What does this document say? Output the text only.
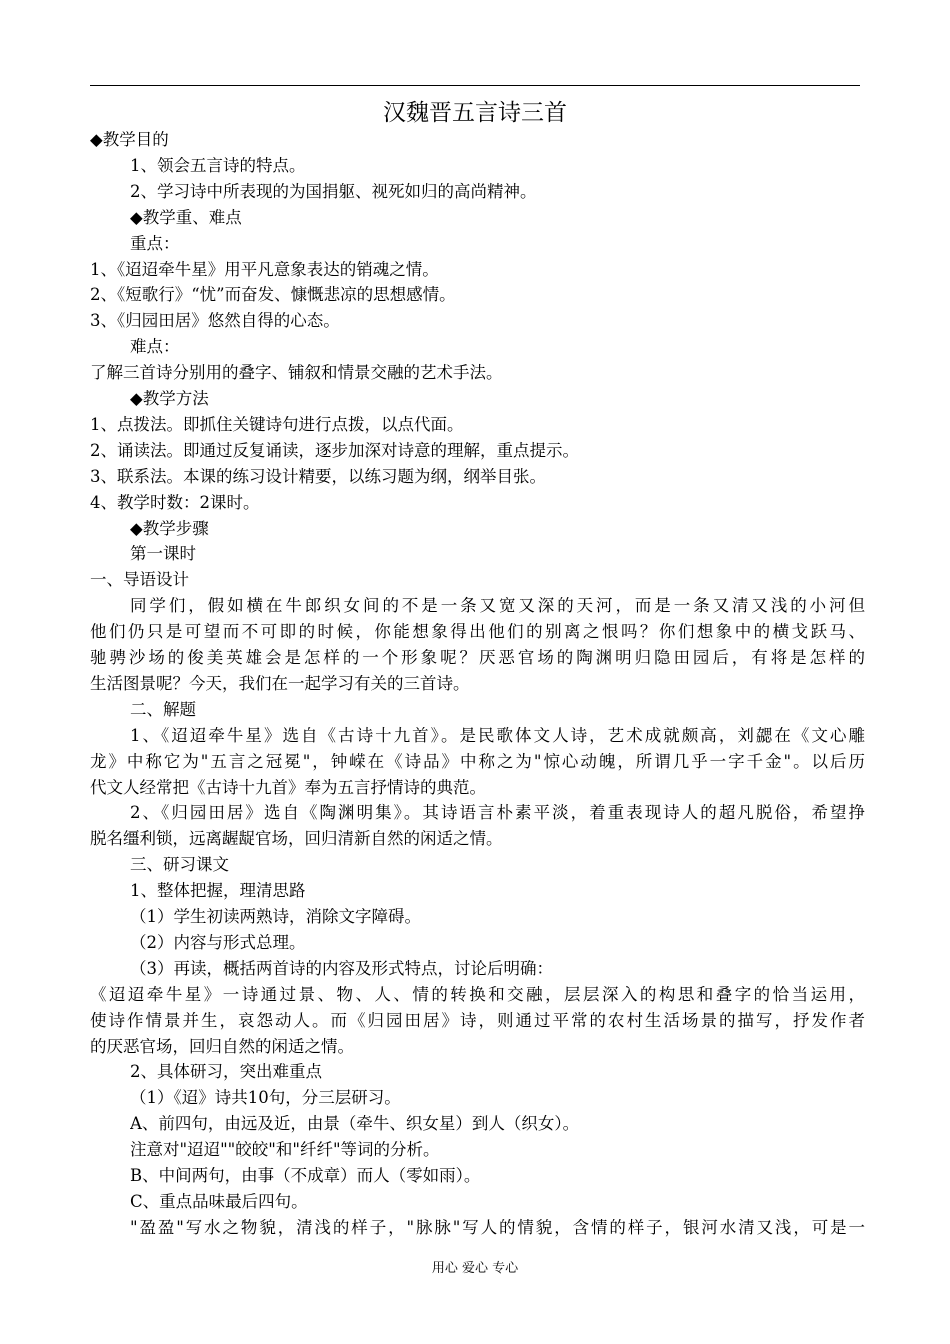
汉魏晋五言诗三首
◆教学目的
1、领会五言诗的特点。
2、学习诗中所表现的为国捐躯、视死如归的高尚精神。
◆教学重、难点
重点：
1、《迢迢牵牛星》用平凡意象表达的销魂之情。
2、《短歌行》“忧”而奋发、慷慨悲凉的思想感情。
3、《归园田居》悠然自得的心态。
难点：
了解三首诗分别用的叠字、铺叙和情景交融的艺术手法。
◆教学方法
1、点拨法。即抓住关键诗句进行点拨，以点代面。
2、诵读法。即通过反复诵读，逐步加深对诗意的理解，重点提示。
3、联系法。本课的练习设计精要，以练习题为纲，纲举目张。
4、教学时数：2课时。
◆教学步骤
第一课时
一、导语设计
同学们，假如横在牛郎织女间的不是一条又宽又深的天河，而是一条又清又浅的小河但
他们仍只是可望而不可即的时候，你能想象得出他们的别离之恨吗？你们想象中的横戈跃马、
驰骋沙场的俊美英雄会是怎样的一个形象呢？厌恶官场的陶渊明归隐田园后，有将是怎样的
生活图景呢？今天，我们在一起学习有关的三首诗。
二、解题
1、《迢迢牵牛星》选自《古诗十九首》。是民歌体文人诗，艺术成就颇高，刘勰在《文心雕
龙》中称它为"五言之冠冕"，钟嵘在《诗品》中称之为"惊心动魄，所谓几乎一字千金"。以后历
代文人经常把《古诗十九首》奉为五言抒情诗的典范。
2、《归园田居》选自《陶渊明集》。其诗语言朴素平淡，着重表现诗人的超凡脱俗，希望挣
脱名缰利锁，远离龌龊官场，回归清新自然的闲适之情。
三、研习课文
1、整体把握，理清思路
（1）学生初读两熟诗，消除文字障碍。
（2）内容与形式总理。
（3）再读，概括两首诗的内容及形式特点，讨论后明确：
《迢迢牵牛星》一诗通过景、物、人、情的转换和交融，层层深入的构思和叠字的恰当运用，
使诗作情景并生，哀怨动人。而《归园田居》诗，则通过平常的农村生活场景的描写，抒发作者
的厌恶官场，回归自然的闲适之情。
2、具体研习，突出难重点
（1）《迢》诗共10句，分三层研习。
A、前四句，由远及近，由景（牵牛、织女星）到人（织女）。
注意对"迢迢""皎皎"和"纤纤"等词的分析。
B、中间两句，由事（不成章）而人（零如雨）。
C、重点品味最后四句。
"盈盈"写水之物貌，清浅的样子，"脉脉"写人的情貌，含情的样子，银河水清又浅，可是一
用心 爱心 专心
